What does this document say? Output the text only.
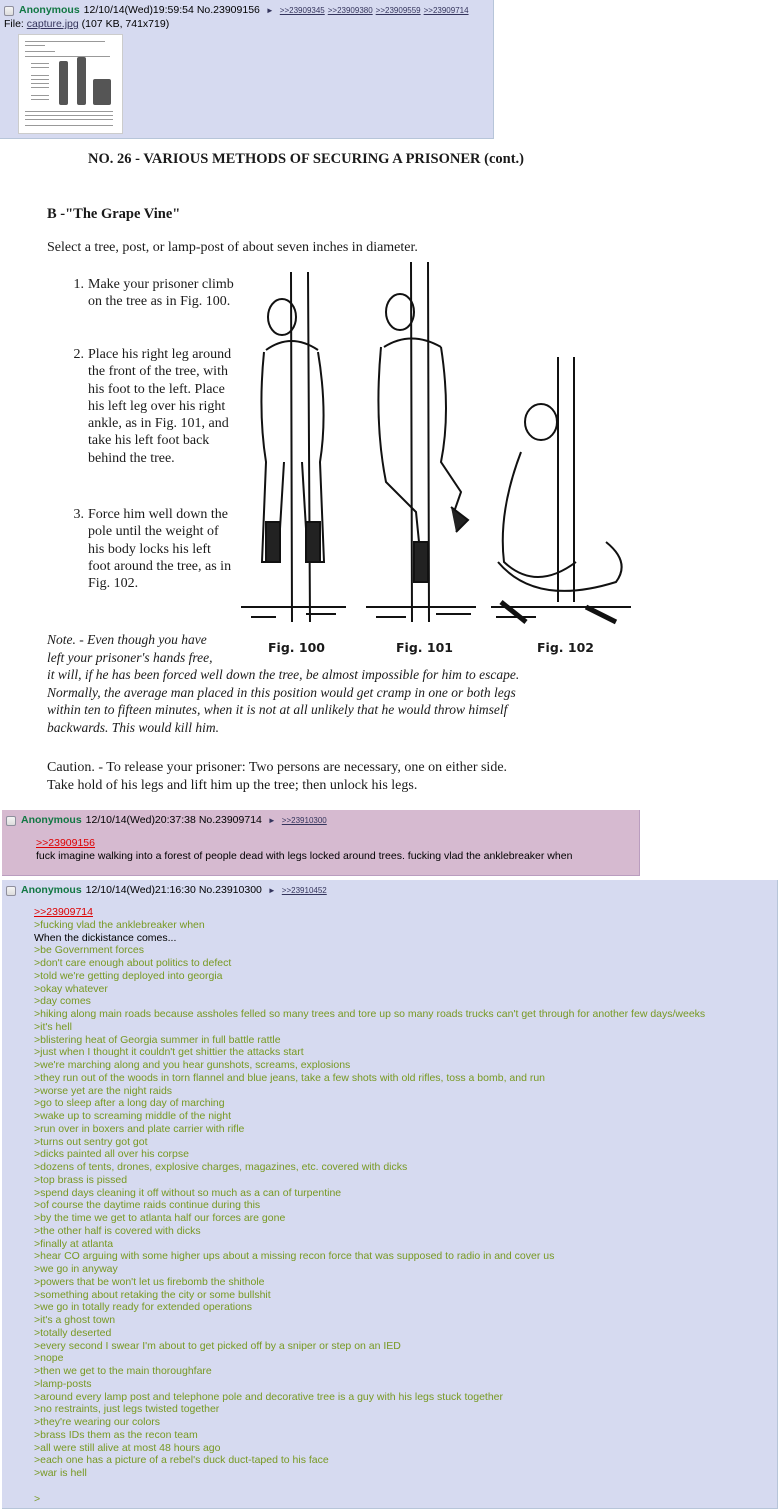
Anonymous 12/10/14(Wed)19:59:54 No.23909156 ► >>23909345 >>23909380 >>23909559 >>23909714
File: capture.jpg (107 KB, 741x719)
NO. 26 - VARIOUS METHODS OF SECURING A PRISONER (cont.)
B -"The Grape Vine"
Select a tree, post, or lamp-post of about seven inches in diameter.
1. Make your prisoner climb on the tree as in Fig. 100.
2. Place his right leg around the front of the tree, with his foot to the left. Place his left leg over his right ankle, as in Fig. 101, and take his left foot back behind the tree.
3. Force him well down the pole until the weight of his body locks his left foot around the tree, as in Fig. 102.
Fig. 100	Fig. 101	Fig. 102
Note. - Even though you have
left your prisoner's hands free,
it will, if he has been forced well down the tree, be almost impossible for him to escape.
Normally, the average man placed in this position would get cramp in one or both legs
within ten to fifteen minutes, when it is not at all unlikely that he would throw himself
backwards. This would kill him.
Caution. - To release your prisoner: Two persons are necessary, one on either side.
Take hold of his legs and lift him up the tree; then unlock his legs.
Anonymous 12/10/14(Wed)20:37:38 No.23909714 ► >>23910300
>>23909156
fuck imagine walking into a forest of people dead with legs locked around trees. fucking vlad the anklebreaker when
Anonymous 12/10/14(Wed)21:16:30 No.23910300 ► >>23910452
>>23909714
>fucking vlad the anklebreaker when
When the dickistance comes...
>be Government forces
>don't care enough about politics to defect
>told we're getting deployed into georgia
>okay whatever
>day comes
>hiking along main roads because assholes felled so many trees and tore up so many roads trucks can't get through for another few days/weeks
>it's hell
>blistering heat of Georgia summer in full battle rattle
>just when I thought it couldn't get shittier the attacks start
>we're marching along and you hear gunshots, screams, explosions
>they run out of the woods in torn flannel and blue jeans, take a few shots with old rifles, toss a bomb, and run
>worse yet are the night raids
>go to sleep after a long day of marching
>wake up to screaming middle of the night
>run over in boxers and plate carrier with rifle
>turns out sentry got got
>dicks painted all over his corpse
>dozens of tents, drones, explosive charges, magazines, etc. covered with dicks
>top brass is pissed
>spend days cleaning it off without so much as a can of turpentine
>of course the daytime raids continue during this
>by the time we get to atlanta half our forces are gone
>the other half is covered with dicks
>finally at atlanta
>hear CO arguing with some higher ups about a missing recon force that was supposed to radio in and cover us
>we go in anyway
>powers that be won't let us firebomb the shithole
>something about retaking the city or some bullshit
>we go in totally ready for extended operations
>it's a ghost town
>totally deserted
>every second I swear I'm about to get picked off by a sniper or step on an IED
>nope
>then we get to the main thoroughfare
>lamp-posts
>around every lamp post and telephone pole and decorative tree is a guy with his legs stuck together
>no restraints, just legs twisted together
>they're wearing our colors
>brass IDs them as the recon team
>all were still alive at most 48 hours ago
>each one has a picture of a rebel's duck duct-taped to his face
>war is hell
>
